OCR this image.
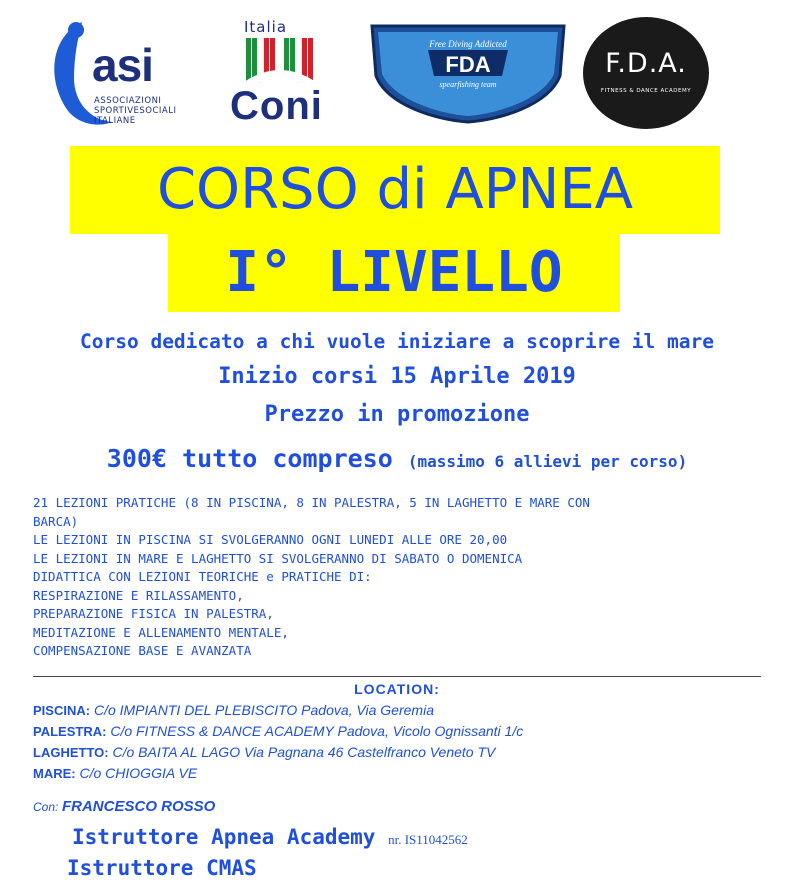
asi
ASSOCIAZIONI
SPORTIVESOCIALI
ITALIANE
Italia
Coni
Free Diving Addicted
FDA
spearfishing team
F.D.A.
FITNESS & DANCE ACADEMY
CORSO di APNEA
I° LIVELLO
Corso dedicato a chi vuole iniziare a scoprire il mare
Inizio corsi 15 Aprile 2019
Prezzo in promozione
300€ tutto compreso (massimo 6 allievi per corso)
21 LEZIONI PRATICHE (8 IN PISCINA, 8 IN PALESTRA, 5 IN LAGHETTO E MARE CON
BARCA)
LE LEZIONI IN PISCINA SI SVOLGERANNO OGNI LUNEDI ALLE ORE 20,00
LE LEZIONI IN MARE E LAGHETTO SI SVOLGERANNO DI SABATO O DOMENICA
DIDATTICA CON LEZIONI TEORICHE e PRATICHE DI:
RESPIRAZIONE E RILASSAMENTO,
PREPARAZIONE FISICA IN PALESTRA,
MEDITAZIONE E ALLENAMENTO MENTALE,
COMPENSAZIONE BASE E AVANZATA
LOCATION:
PISCINA: C/o IMPIANTI DEL PLEBISCITO Padova, Via Geremia
PALESTRA: C/o FITNESS & DANCE ACADEMY Padova, Vicolo Ognissanti 1/c
LAGHETTO: C/o BAITA AL LAGO Via Pagnana 46 Castelfranco Veneto TV
MARE: C/o CHIOGGIA VE
Con: FRANCESCO ROSSO
Istruttore Apnea Academy nr. IS11042562
Istruttore CMAS
